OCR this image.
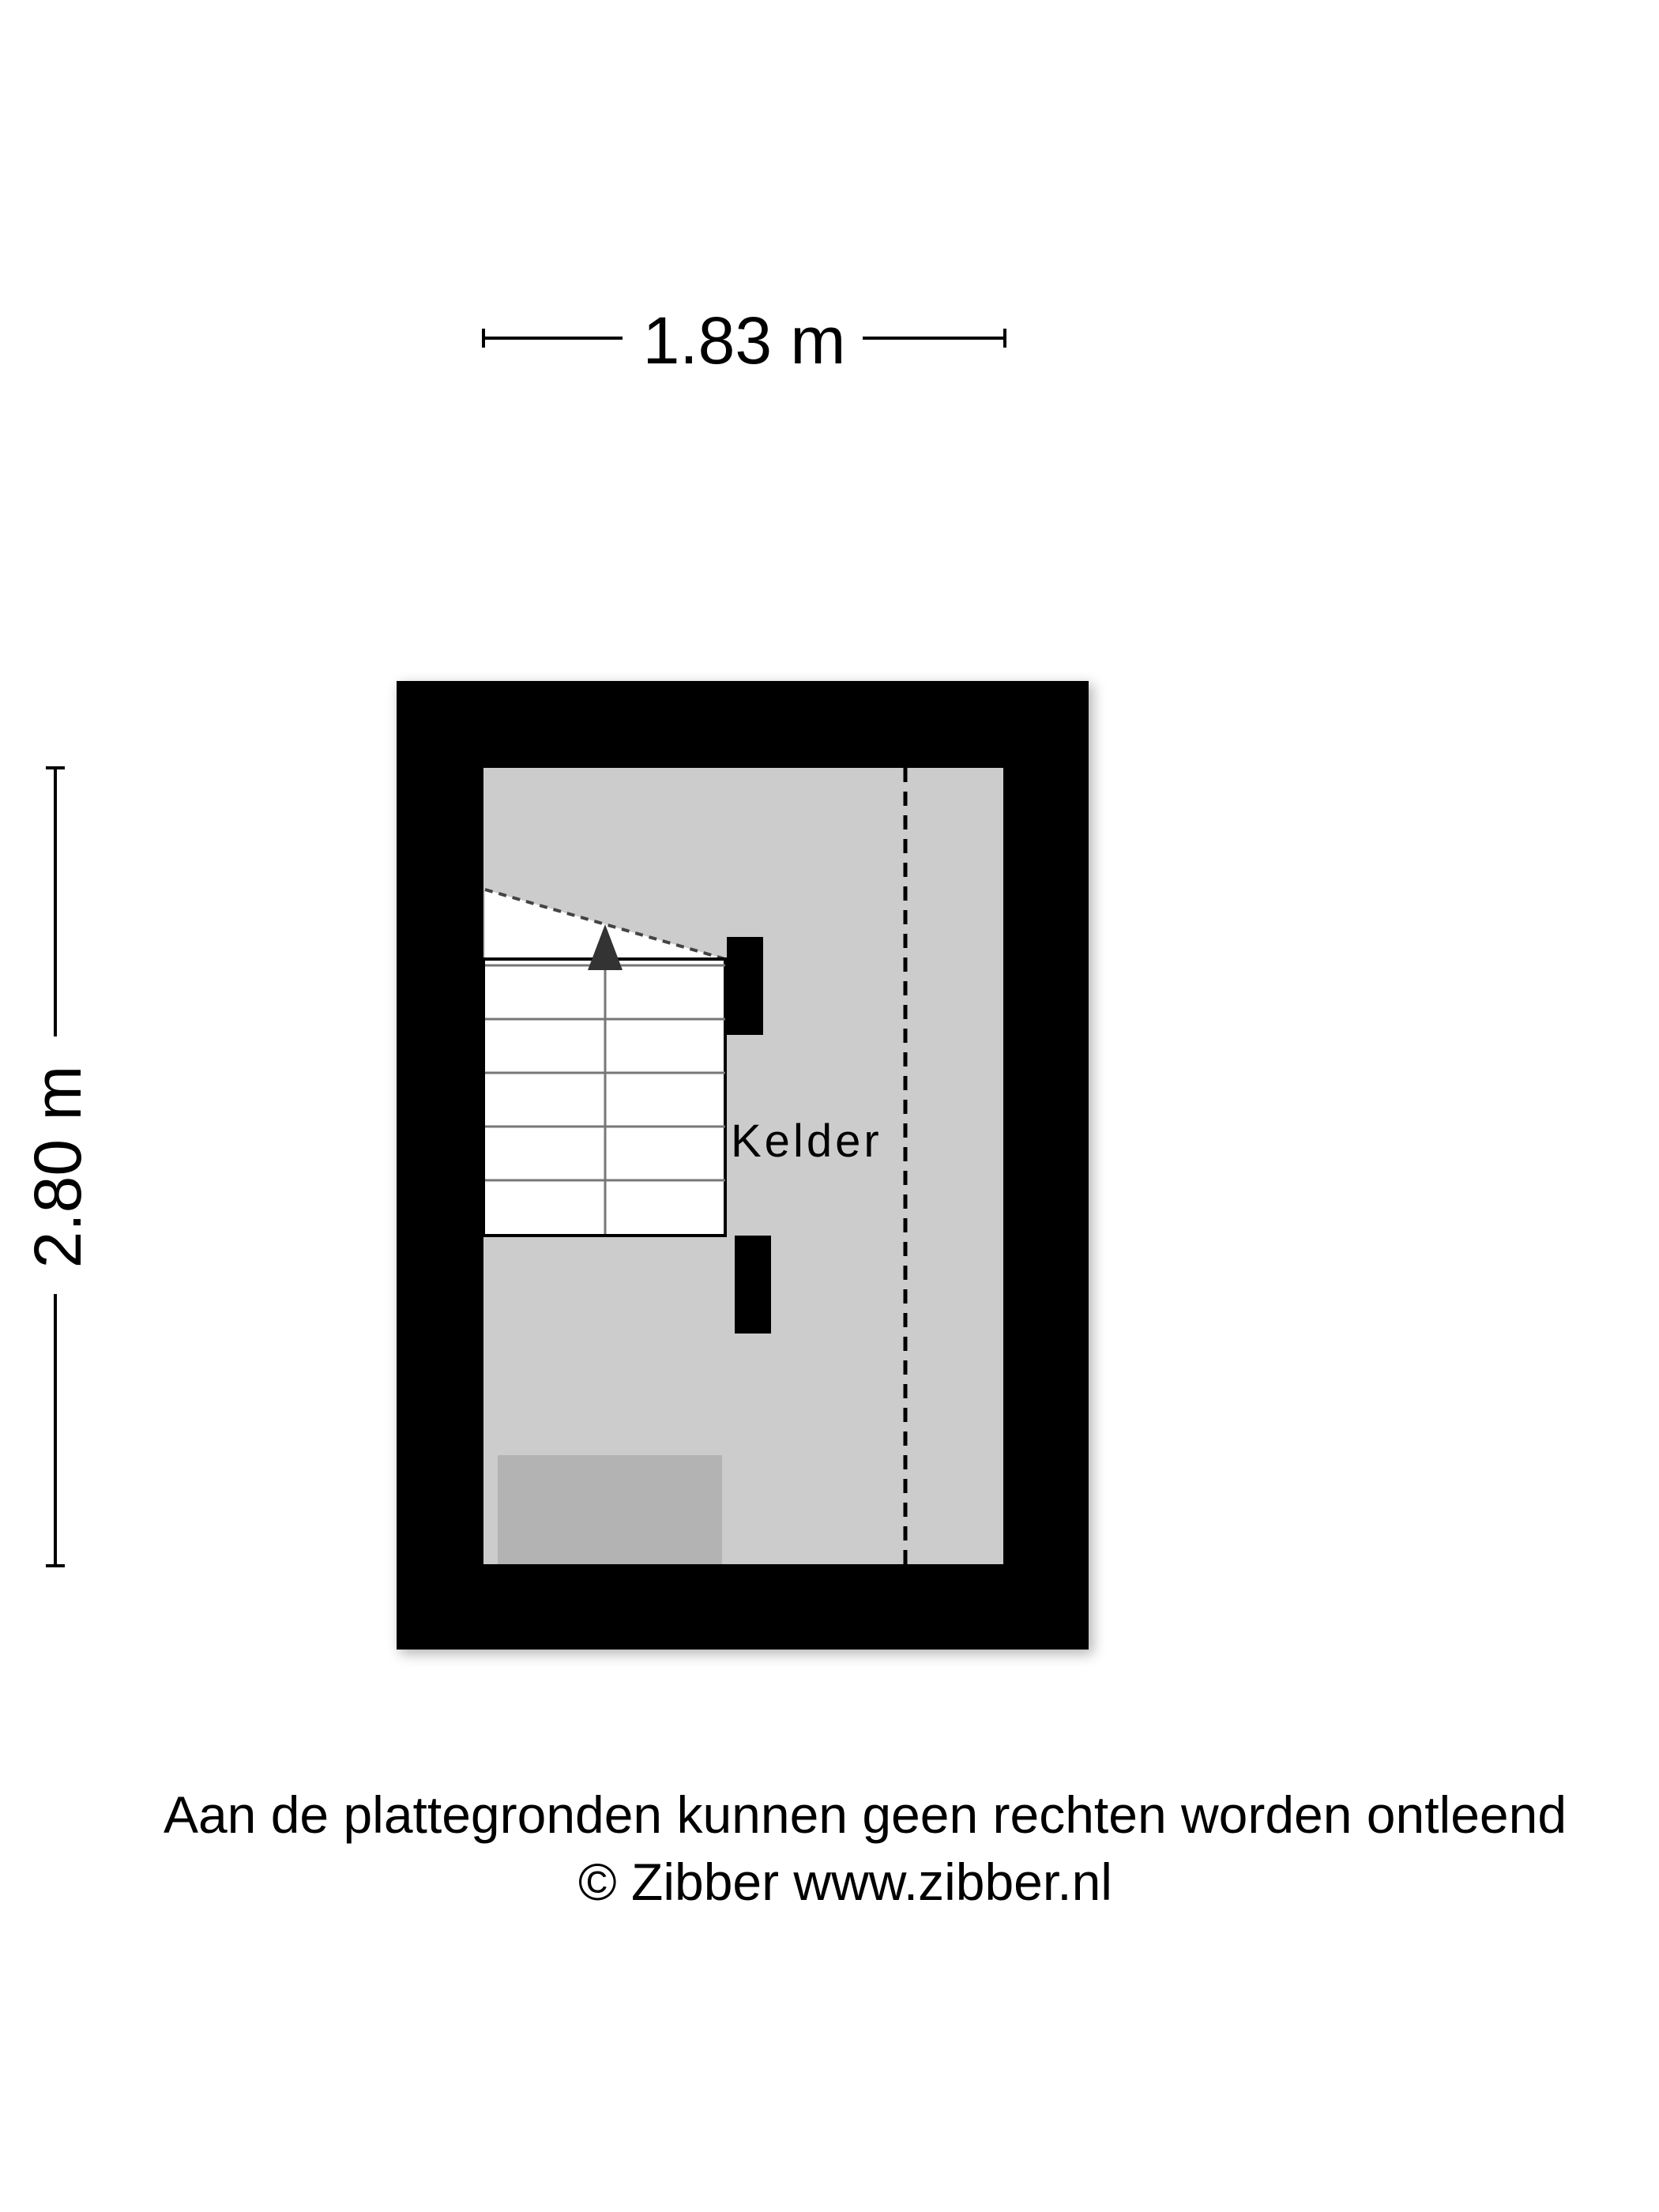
1.83 m
2.80 m	Kelder
Aan de plattegronden kunnen geen rechten worden ontleend
© Zibber www.zibber.nl
